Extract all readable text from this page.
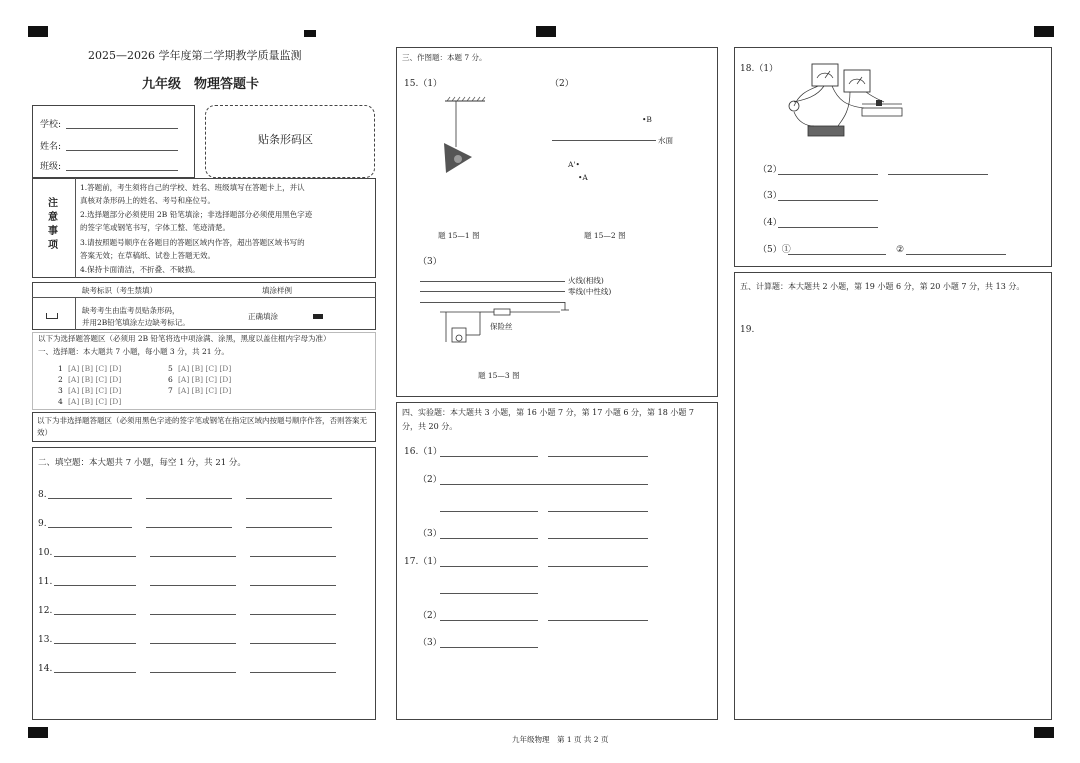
2025—2026 学年度第二学期教学质量监测
九年级　物理答题卡
学校:
姓名:
班级:
贴条形码区
注
意
事
项
1.答题前，考生须将自己的学校、姓名、班级填写在答题卡上，并认
真核对条形码上的姓名、考号和座位号。
2.选择题部分必须使用 2B 铅笔填涂；非选择题部分必须使用黑色字迹
的签字笔或钢笔书写，字体工整、笔迹清楚。
3.请按照题号顺序在各题目的答题区域内作答，超出答题区域书写的
答案无效；在草稿纸、试卷上答题无效。
4.保持卡面清洁，不折叠、不破损。
缺考标识（考生禁填）	填涂样例
缺考考生由监考员贴条形码，
并用2B铅笔填涂左边缺考标记。
正确填涂
以下为选择题答题区（必须用 2B 铅笔将选中项涂满、涂黑，黑度以盖住框内字母为准）
一、选择题：本大题共 7 小题，每小题 3 分，共 21 分。
1 [A] [B] [C] [D]
2 [A] [B] [C] [D]
3 [A] [B] [C] [D]
4 [A] [B] [C] [D]
5 [A] [B] [C] [D]
6 [A] [B] [C] [D]
7 [A] [B] [C] [D]
以下为非选择题答题区（必须用黑色字迹的签字笔或钢笔在指定区域内按题号顺序作答，否则答案无效）
二、填空题：本大题共 7 小题，每空 1 分，共 21 分。
8.
9.
10.
11.
12.
13.
14.
三、作图题：本题 7 分。
15.（1）	（2）
题 15—1 图
•B
水面
A'•
•A
题 15—2 图
（3）
火线(相线)
零线(中性线)
保险丝
题 15—3 图
四、实验题：本大题共 3 小题，第 16 小题 7 分，第 17 小题 6 分，第 18 小题 7 分，共 20 分。
16.（1）
（2）
（3）
17.（1）
（2）
（3）
18.（1）
（2）
（3）
（4）
（5）①	②
五、计算题：本大题共 2 小题，第 19 小题 6 分，第 20 小题 7 分，共 13 分。
19.
九年级物理　第 1 页 共 2 页
